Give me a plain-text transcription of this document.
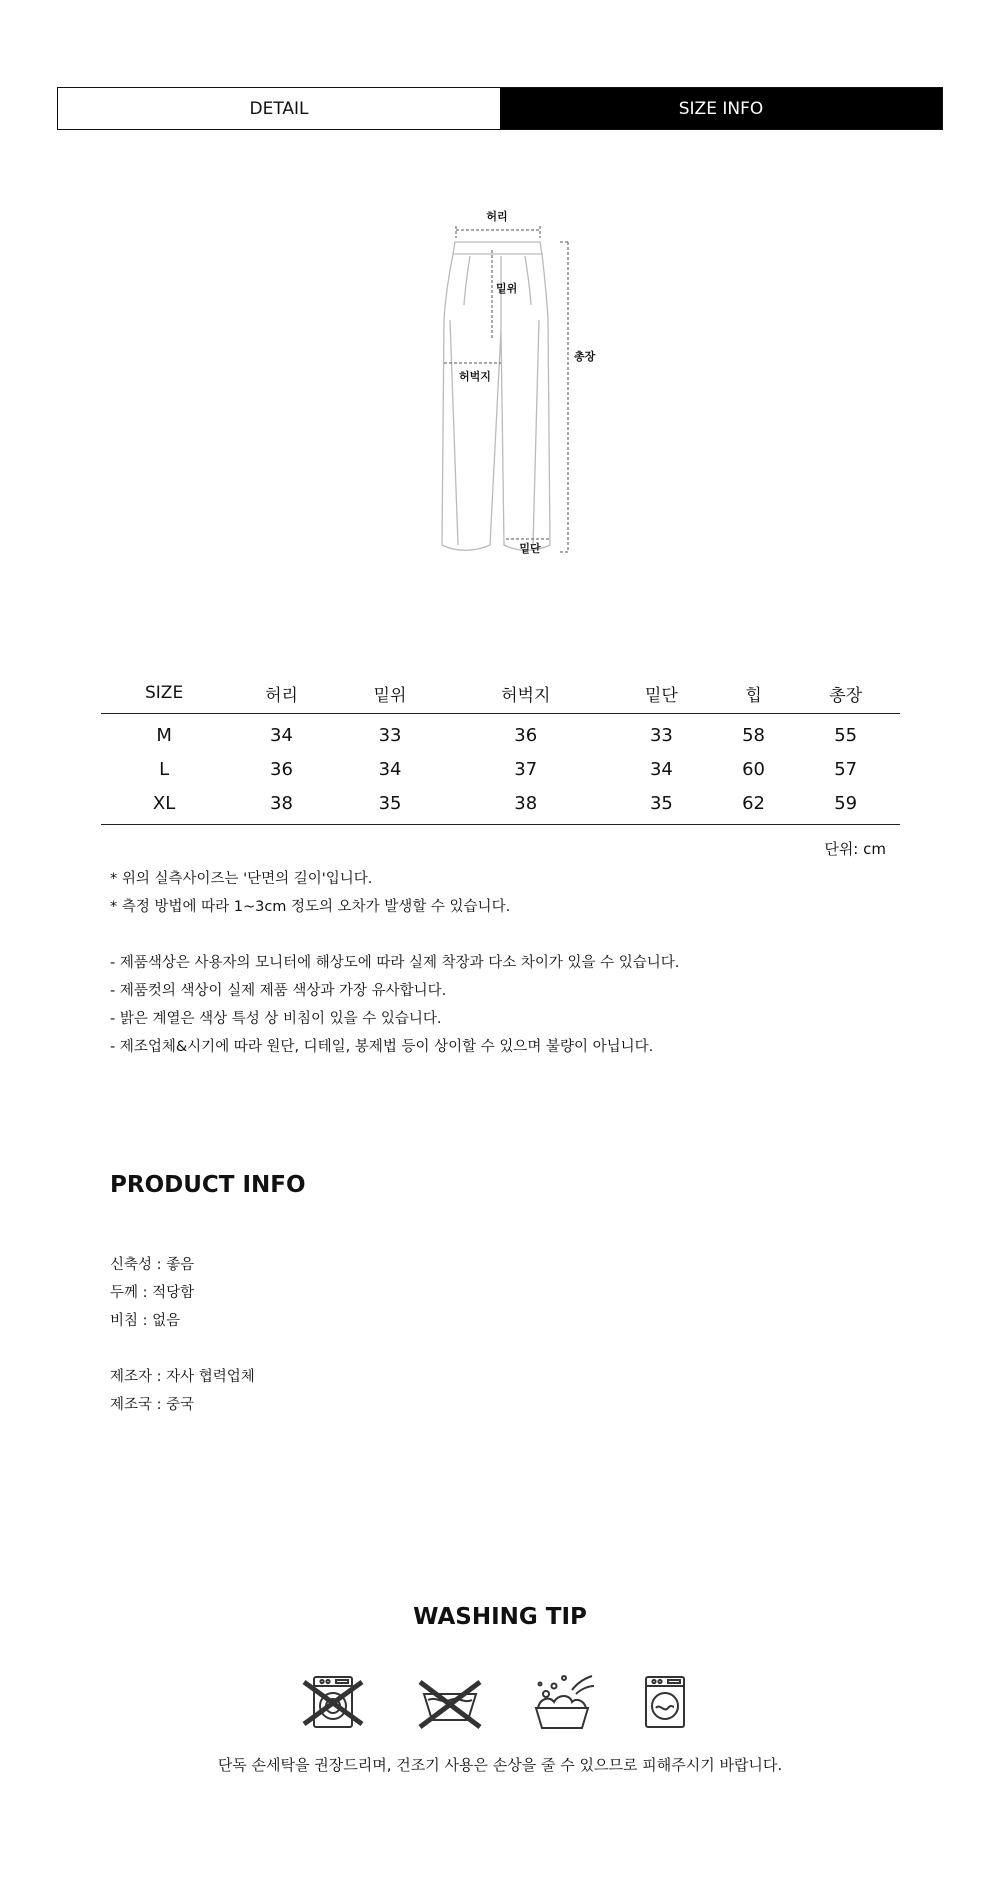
DETAIL	SIZE INFO
허리
밑위
허벅지
총장
밑단
SIZE	허리	밑위	허벅지	밑단	힙	총장
M	34	33	36	33	58	55
L	36	34	37	34	60	57
XL	38	35	38	35	62	59
단위: cm

* 위의 실측사이즈는 '단면의 길이'입니다.

* 측정 방법에 따라 1~3cm 정도의 오차가 발생할 수 있습니다.

- 제품색상은 사용자의 모니터에 해상도에 따라 실제 착장과 다소 차이가 있을 수 있습니다.

- 제품컷의 색상이 실제 제품 색상과 가장 유사합니다.

- 밝은 계열은 색상 특성 상 비침이 있을 수 있습니다.

- 제조업체&시기에 따라 원단, 디테일, 봉제법 등이 상이할 수 있으며 불량이 아닙니다.

PRODUCT INFO

신축성 : 좋음

두께 : 적당함

비침 : 없음

제조자 : 자사 협력업체

제조국 : 중국

WASHING TIP
단독 손세탁을 권장드리며, 건조기 사용은 손상을 줄 수 있으므로 피해주시기 바랍니다.
